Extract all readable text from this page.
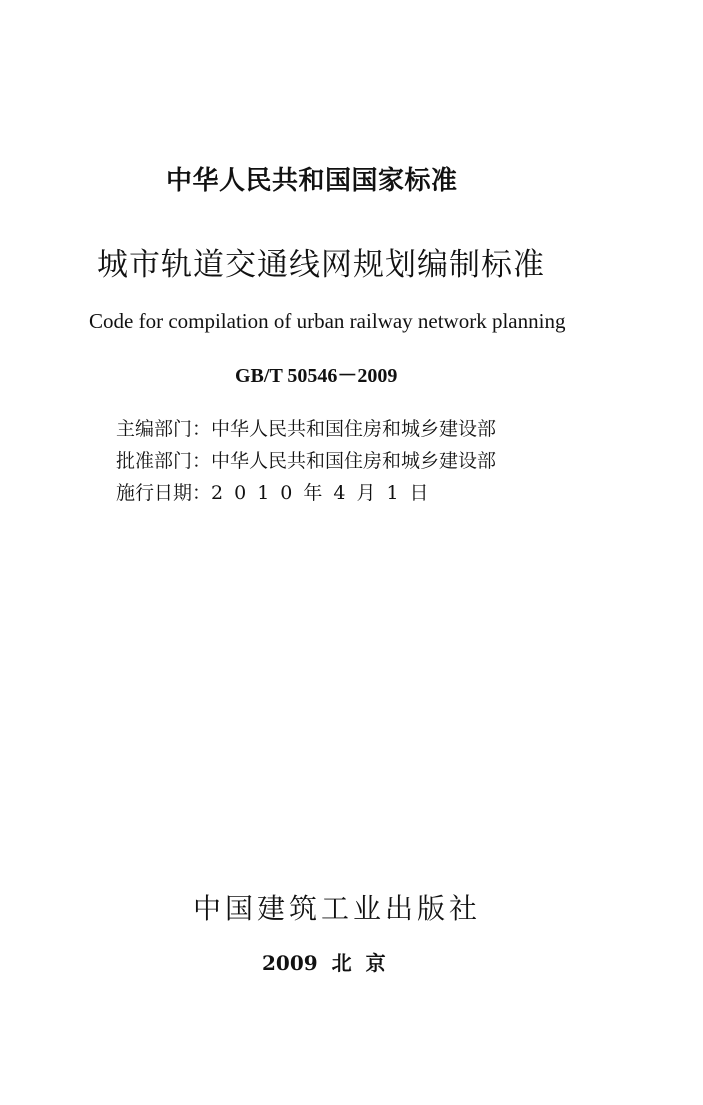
中华人民共和国国家标准
城市轨道交通线网规划编制标准
Code for compilation of urban railway network planning
GB/T 50546－2009
主编部门：中华人民共和国住房和城乡建设部
批准部门：中华人民共和国住房和城乡建设部
施行日期：2010年4月1日
中国建筑工业出版社
2009 北京
